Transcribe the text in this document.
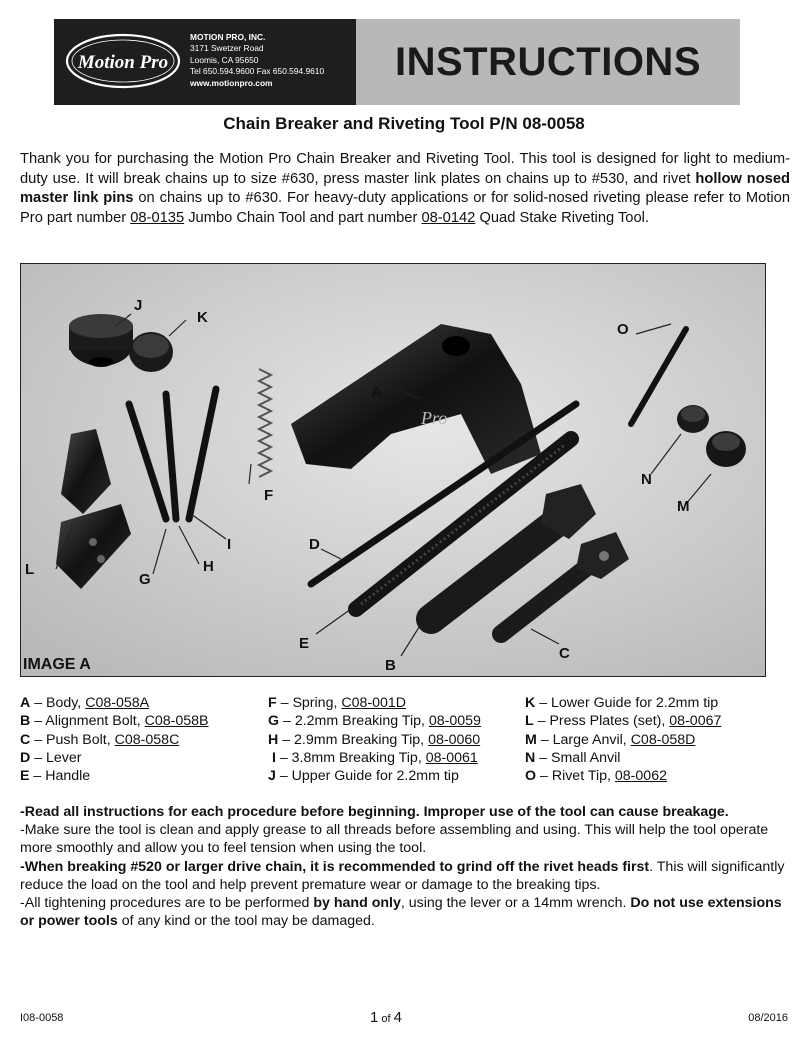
Motion Pro
MOTION PRO, INC.
3171 Swetzer Road
Loomis, CA 95650
Tel 650.594.9600 Fax 650.594.9610
www.motionpro.com	INSTRUCTIONS
Chain Breaker and Riveting Tool P/N 08-0058
Thank you for purchasing the Motion Pro Chain Breaker and Riveting Tool. This tool is designed for light to medium-duty use. It will break chains up to size #630, press master link plates on chains up to #530, and rivet hollow nosed master link pins on chains up to #630. For heavy-duty applications or for solid-nosed riveting please refer to Motion Pro part number 08-0135 Jumbo Chain Tool and part number 08-0142 Quad Stake Riveting Tool.
Pro
J
K
O
A
F
N
M
D
I
L
G
H
E
B
C
IMAGE A
A – Body, C08-058A
B – Alignment Bolt, C08-058B
C – Push Bolt, C08-058C
D – Lever
E – Handle
F – Spring, C08-001D
G – 2.2mm Breaking Tip, 08-0059
H – 2.9mm Breaking Tip, 08-0060
I – 3.8mm Breaking Tip, 08-0061
J – Upper Guide for 2.2mm tip
K – Lower Guide for 2.2mm tip
L – Press Plates (set), 08-0067
M – Large Anvil, C08-058D
N – Small Anvil
O – Rivet Tip, 08-0062

-Read all instructions for each procedure before beginning. Improper use of the tool can cause breakage.

-Make sure the tool is clean and apply grease to all threads before assembling and using. This will help the tool operate more smoothly and allow you to feel tension when using the tool.

-When breaking #520 or larger drive chain, it is recommended to grind off the rivet heads first. This will significantly reduce the load on the tool and help prevent premature wear or damage to the breaking tips.

-All tightening procedures are to be performed by hand only, using the lever or a 14mm wrench. Do not use extensions or power tools of any kind or the tool may be damaged.

I08-0058	1 of 4	08/2016
